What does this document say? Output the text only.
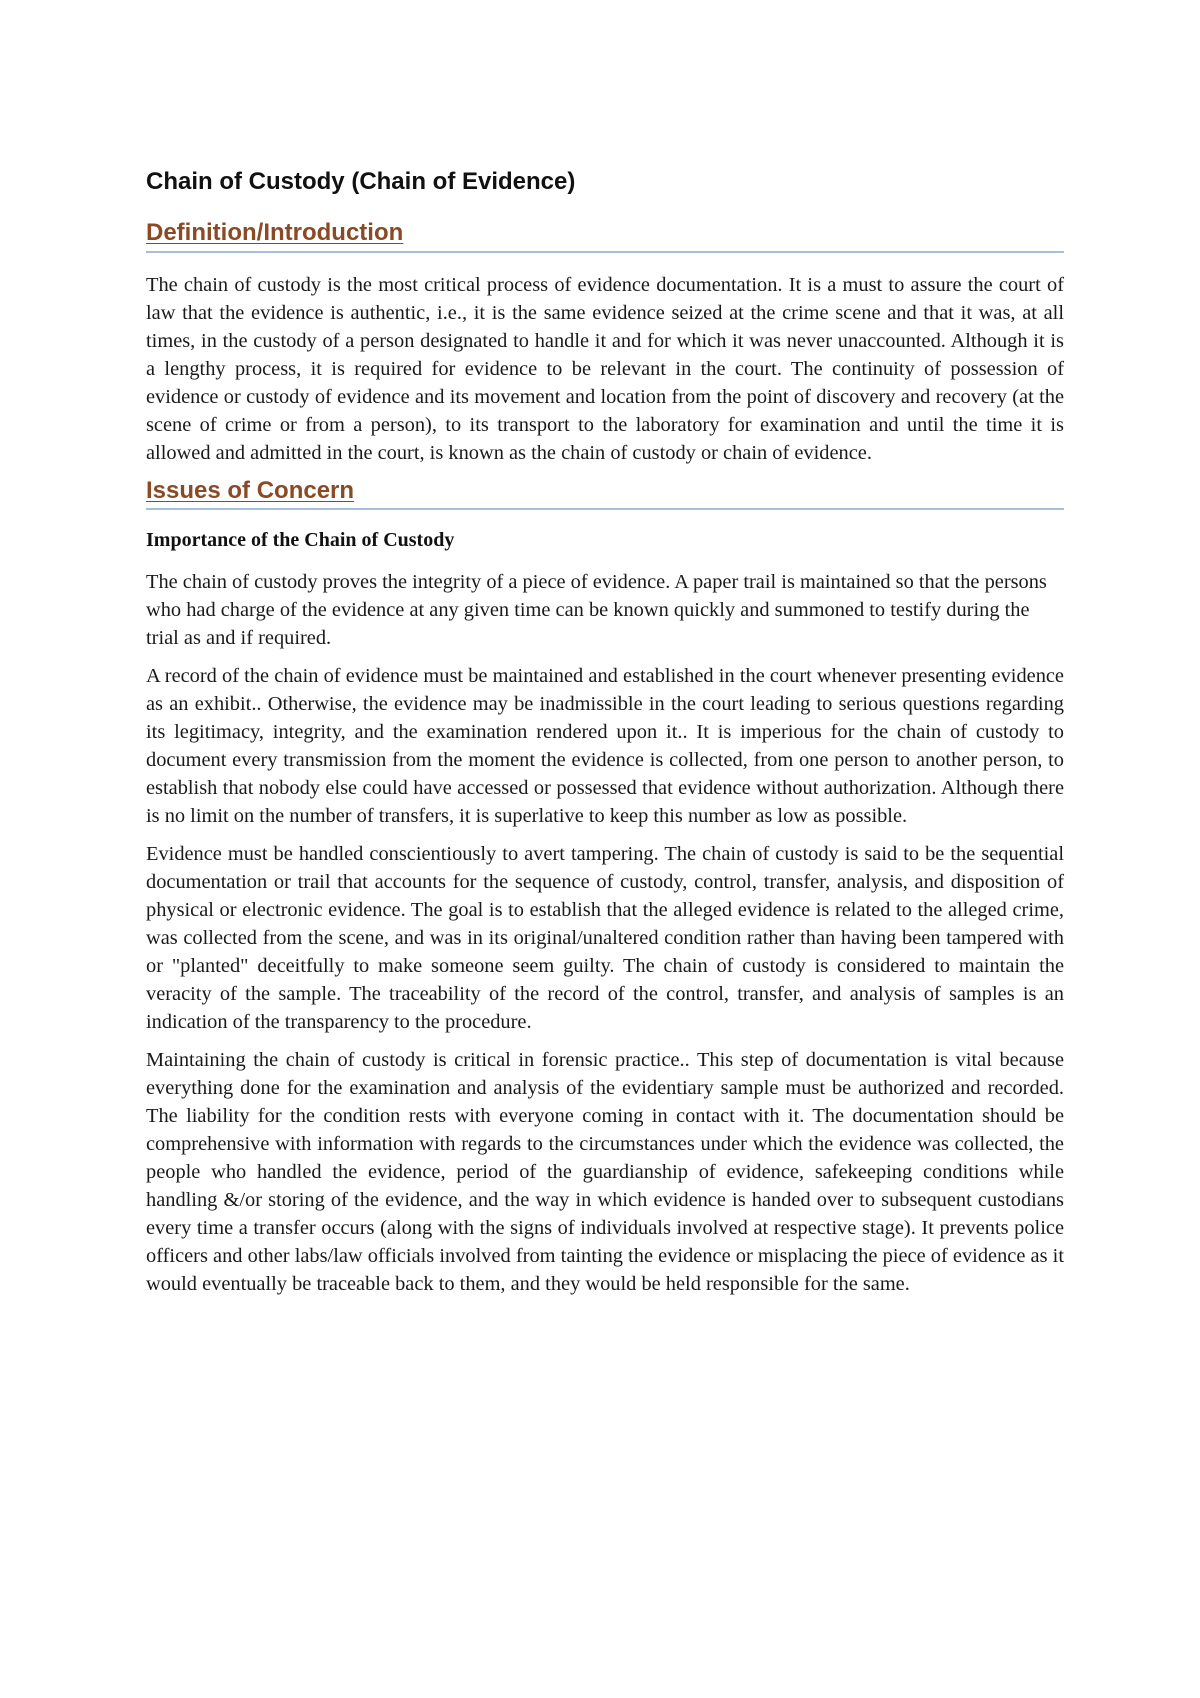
Chain of Custody (Chain of Evidence)
Definition/Introduction

The chain of custody is the most critical process of evidence documentation. It is a must to assure the court of law that the evidence is authentic, i.e., it is the same evidence seized at the crime scene and that it was, at all times, in the custody of a person designated to handle it and for which it was never unaccounted. Although it is a lengthy process, it is required for evidence to be relevant in the court. The continuity of possession of evidence or custody of evidence and its movement and location from the point of discovery and recovery (at the scene of crime or from a person), to its transport to the laboratory for examination and until the time it is allowed and admitted in the court, is known as the chain of custody or chain of evidence.

Issues of Concern
Importance of the Chain of Custody

The chain of custody proves the integrity of a piece of evidence. A paper trail is maintained so that the persons who had charge of the evidence at any given time can be known quickly and summoned to testify during the trial as and if required.

A record of the chain of evidence must be maintained and established in the court whenever presenting evidence as an exhibit.. Otherwise, the evidence may be inadmissible in the court leading to serious questions regarding its legitimacy, integrity, and the examination rendered upon it.. It is imperious for the chain of custody to document every transmission from the moment the evidence is collected, from one person to another person, to establish that nobody else could have accessed or possessed that evidence without authorization. Although there is no limit on the number of transfers, it is superlative to keep this number as low as possible.

Evidence must be handled conscientiously to avert tampering. The chain of custody is said to be the sequential documentation or trail that accounts for the sequence of custody, control, transfer, analysis, and disposition of physical or electronic evidence. The goal is to establish that the alleged evidence is related to the alleged crime, was collected from the scene, and was in its original/unaltered condition rather than having been tampered with or "planted" deceitfully to make someone seem guilty. The chain of custody is considered to maintain the veracity of the sample. The traceability of the record of the control, transfer, and analysis of samples is an indication of the transparency to the procedure.

Maintaining the chain of custody is critical in forensic practice.. This step of documentation is vital because everything done for the examination and analysis of the evidentiary sample must be authorized and recorded. The liability for the condition rests with everyone coming in contact with it. The documentation should be comprehensive with information with regards to the circumstances under which the evidence was collected, the people who handled the evidence, period of the guardianship of evidence, safekeeping conditions while handling &/or storing of the evidence, and the way in which evidence is handed over to subsequent custodians every time a transfer occurs (along with the signs of individuals involved at respective stage). It prevents police officers and other labs/law officials involved from tainting the evidence or misplacing the piece of evidence as it would eventually be traceable back to them, and they would be held responsible for the same.
